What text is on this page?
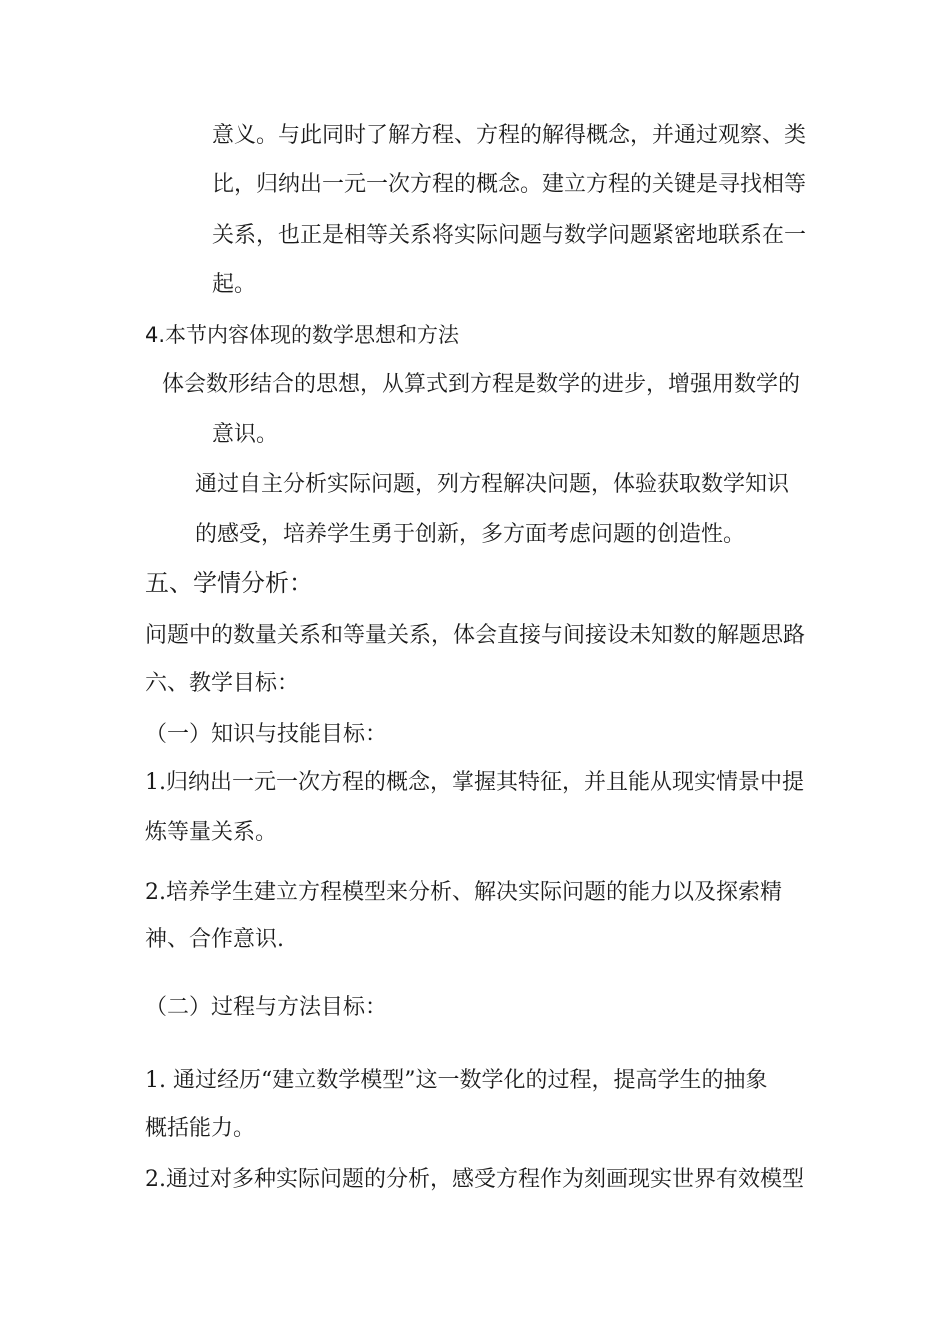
意义。与此同时了解方程、方程的解得概念，并通过观察、类
比，归纳出一元一次方程的概念。建立方程的关键是寻找相等
关系，也正是相等关系将实际问题与数学问题紧密地联系在一
起。
4.本节内容体现的数学思想和方法
体会数形结合的思想，从算式到方程是数学的进步，增强用数学的
意识。
通过自主分析实际问题，列方程解决问题，体验获取数学知识
的感受，培养学生勇于创新，多方面考虑问题的创造性。
五、学情分析：
问题中的数量关系和等量关系，体会直接与间接设未知数的解题思路
六、教学目标：
（一）知识与技能目标：
1.归纳出一元一次方程的概念，掌握其特征，并且能从现实情景中提
炼等量关系。
2.培养学生建立方程模型来分析、解决实际问题的能力以及探索精
神、合作意识.
（二）过程与方法目标：
1. 通过经历“建立数学模型”这一数学化的过程，提高学生的抽象
概括能力。
2.通过对多种实际问题的分析，感受方程作为刻画现实世界有效模型
